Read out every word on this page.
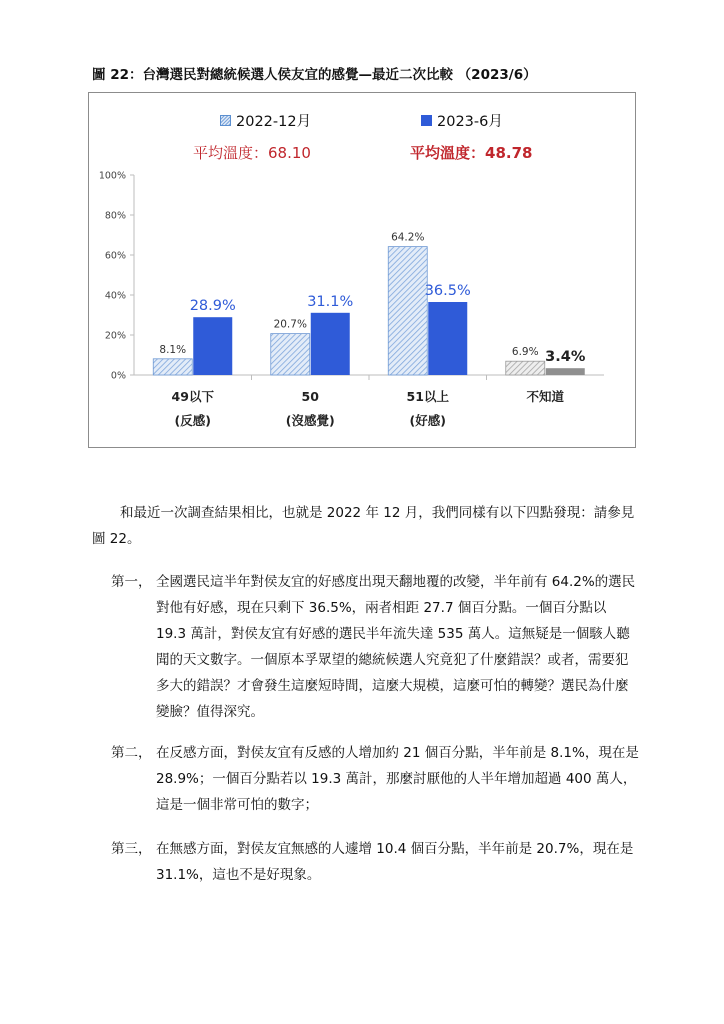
圖 22：台灣選民對總統候選人侯友宜的感覺—最近二次比較 （2023/6）
2022-12月	2023-6月
平均溫度：68.10	平均溫度：48.78
0%
20%
40%
60%
80%
100%
8.1%
28.9%
49以下
(反感)
20.7%
31.1%
50
(沒感覺)
64.2%
36.5%
51以上
(好感)
6.9% 3.4%
不知道
和最近一次調查結果相比，也就是 2022 年 12 月，我們同樣有以下四點發現：請參見圖 22。
第一， 全國選民這半年對侯友宜的好感度出現天翻地覆的改變，半年前有 64.2%的選民對他有好感，現在只剩下 36.5%，兩者相距 27.7 個百分點。一個百分點以 19.3 萬計，對侯友宜有好感的選民半年流失達 535 萬人。這無疑是一個駭人聽聞的天文數字。一個原本孚眾望的總統候選人究竟犯了什麼錯誤？或者，需要犯多大的錯誤？才會發生這麼短時間，這麼大規模，這麼可怕的轉變？選民為什麼變臉？值得深究。
第二， 在反感方面，對侯友宜有反感的人增加約 21 個百分點，半年前是 8.1%，現在是 28.9%；一個百分點若以 19.3 萬計，那麼討厭他的人半年增加超過 400 萬人，這是一個非常可怕的數字；
第三， 在無感方面，對侯友宜無感的人遽增 10.4 個百分點，半年前是 20.7%，現在是 31.1%，這也不是好現象。
